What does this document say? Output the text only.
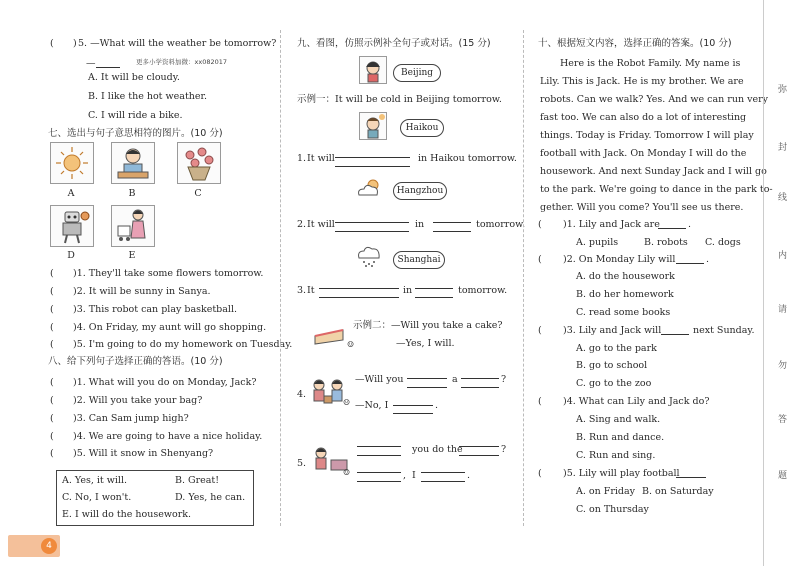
( ) 5. —What will the weather be tomorrow?
—	更多小学资料加微：xx082017
A. It will be cloudy.
B. I like the hot weather.
C. I will ride a bike.
七、选出与句子意思相符的图片。(10 分)
A	B	C
D	E
( )1. They'll take some flowers tomorrow.
( )2. It will be sunny in Sanya.
( )3. This robot can play basketball.
( )4. On Friday, my aunt will go shopping.
( )5. I'm going to do my homework on Tuesday.
八、给下列句子选择正确的答语。(10 分)
( )1. What will you do on Monday, Jack?
( )2. Will you take your bag?
( )3. Can Sam jump high?
( )4. We are going to have a nice holiday.
( )5. Will it snow in Shenyang?
A. Yes, it will.	B. Great!
C. No, I won't.	D. Yes, he can.
E. I will do the housework.
九、看图，仿照示例补全句子或对话。(15 分)
Beijing
示例一：It will be cold in Beijing tomorrow.
Haikou
1. It will	in Haikou tomorrow.
Hangzhou
2. It will	in	tomorrow.
Shanghai
3. It	in	tomorrow.
示例二：—Will you take a cake?
—Yes, I will.
☺
4.
☹
—Will you	a	?
—No, I	.
5.
☺
you do the	?
, I	.
十、根据短文内容，选择正确的答案。(10 分)
Here is the Robot Family. My name is
Lily. This is Jack. He is my brother. We are
robots. Can we walk? Yes. And we can run very
fast too. We can also do a lot of interesting
things. Today is Friday. Tomorrow I will play
football with Jack. On Monday I will do the
housework. And next Sunday Jack and I will go
to the park. We're going to dance in the park to-
gether. Will you come? You'll see us there.
( )1. Lily and Jack are	.
A. pupils	B. robots C. dogs
( )2. On Monday Lily will	.
A. do the housework
B. do her homework
C. read some books
( )3. Lily and Jack will	next Sunday.
A. go to the park
B. go to school
C. go to the zoo
( )4. What can Lily and Jack do?
A. Sing and walk.
B. Run and dance.
C. Run and sing.
( )5. Lily will play football
A. on Friday B. on Saturday
C. on Thursday
弥
封
线
内
请
勿
答
题
4
